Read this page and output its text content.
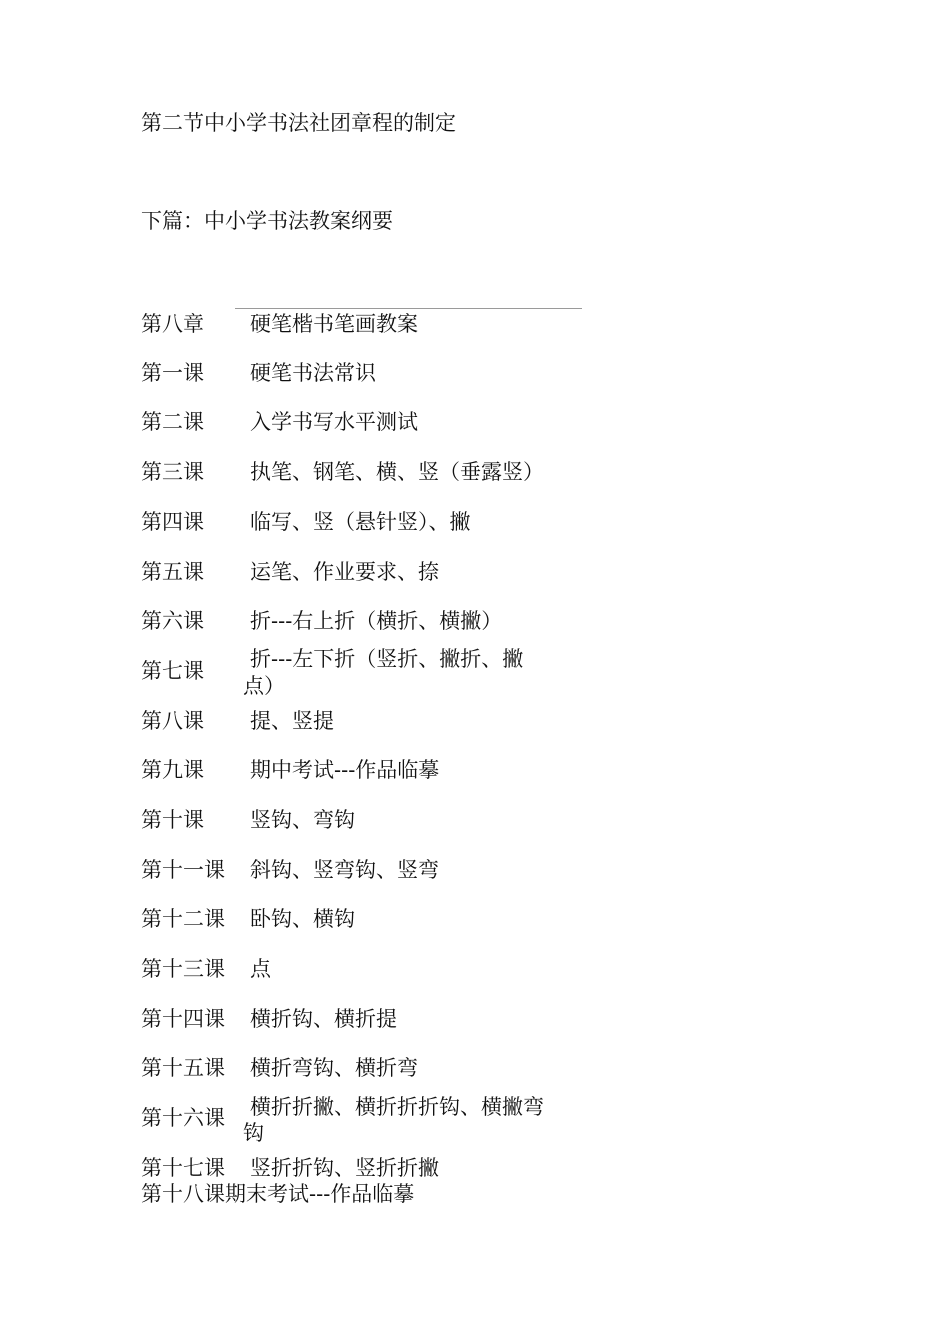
第二节中小学书法社团章程的制定
下篇：中小学书法教案纲要
第八章 硬笔楷书笔画教案
第一课 硬笔书法常识
第二课 入学书写水平测试
第三课 执笔、钢笔、横、竖（垂露竖）
第四课 临写、竖（悬针竖）、撇
第五课 运笔、作业要求、捺
第六课 折---右上折（横折、横撇）
第七课 折---左下折（竖折、撇折、撇
点）
第八课 提、竖提
第九课 期中考试---作品临摹
第十课 竖钩、弯钩
第十一课 斜钩、竖弯钩、竖弯
第十二课 卧钩、横钩
第十三课 点
第十四课 横折钩、横折提
第十五课 横折弯钩、横折弯
第十六课 横折折撇、横折折折钩、横撇弯
钩
第十七课 竖折折钩、竖折折撇
第十八课期末考试---作品临摹
